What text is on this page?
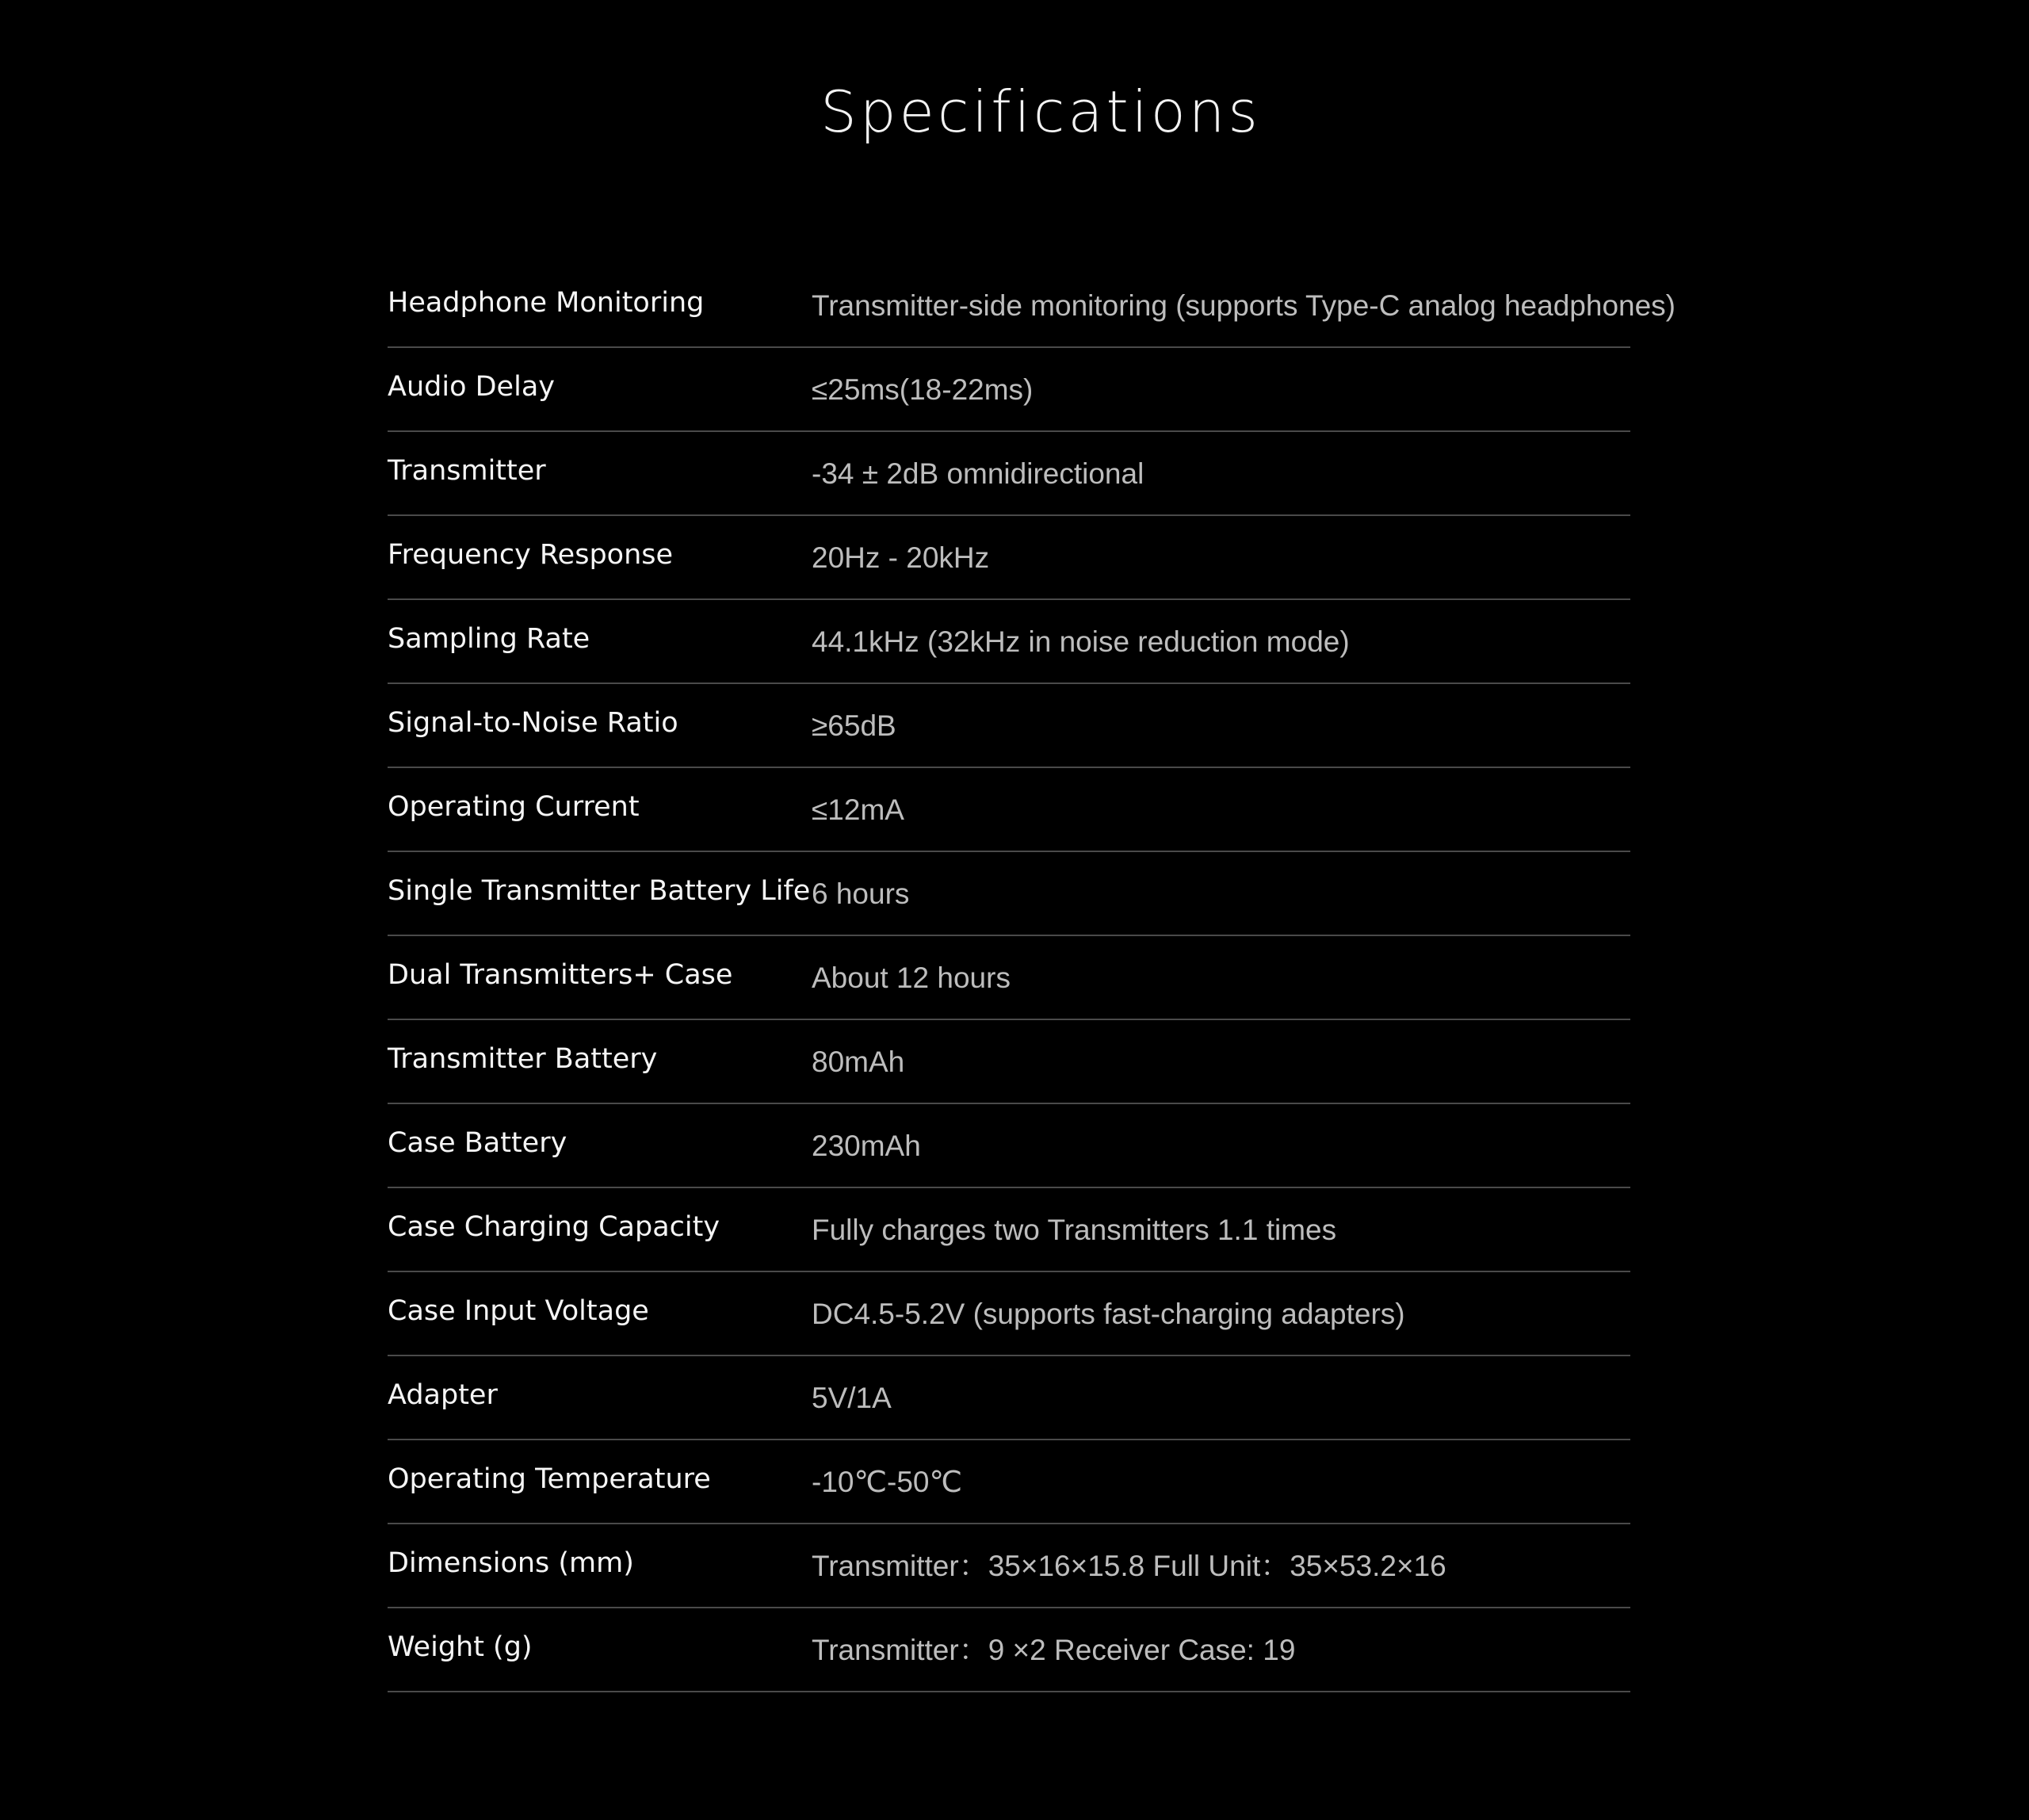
Specifications
Headphone Monitoring	Transmitter-side monitoring (supports Type-C analog headphones)
Audio Delay	≤25ms(18-22ms)
Transmitter	-34 ± 2dB omnidirectional
Frequency Response	20Hz - 20kHz
Sampling Rate	44.1kHz (32kHz in noise reduction mode)
Signal-to-Noise Ratio	≥65dB
Operating Current	≤12mA
Single Transmitter Battery Life 6 hours
Dual Transmitters+ Case	About 12 hours
Transmitter Battery	80mAh
Case Battery	230mAh
Case Charging Capacity	Fully charges two Transmitters 1.1 times
Case Input Voltage	DC4.5-5.2V (supports fast-charging adapters)
Adapter	5V/1A
Operating Temperature	-10℃-50℃
Dimensions (mm)	Transmitter：35×16×15.8 Full Unit：35×53.2×16
Weight (g)	Transmitter：9 ×2 Receiver Case: 19
